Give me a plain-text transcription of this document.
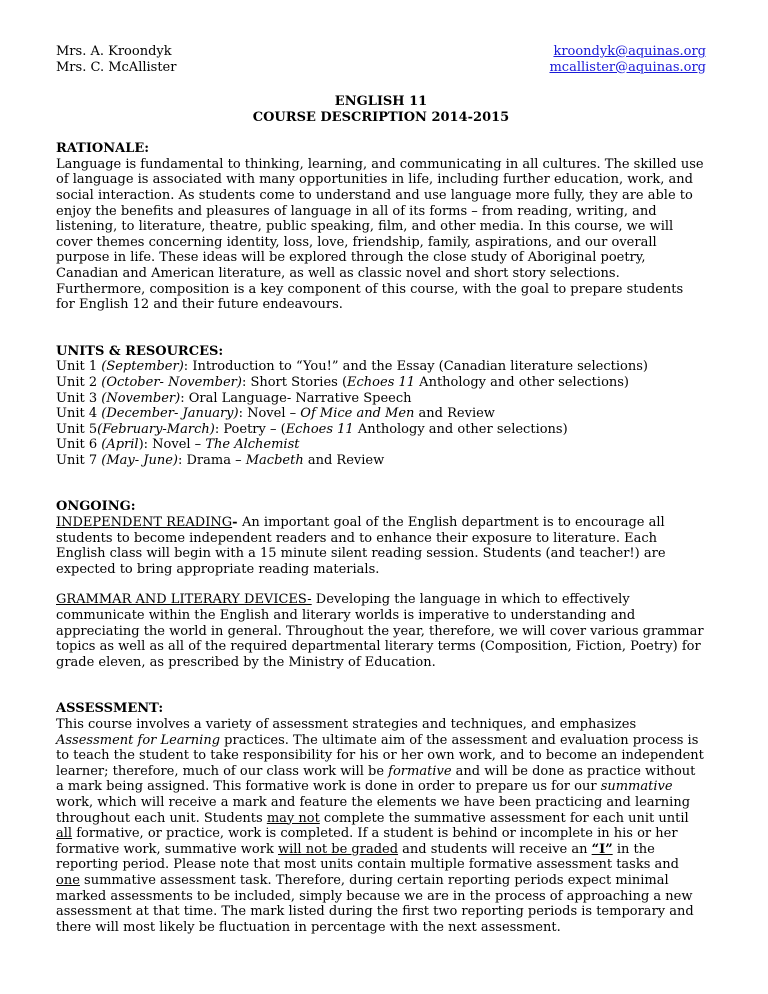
Mrs. A. Kroondyk
Mrs. C. McAllister
kroondyk@aquinas.org
mcallister@aquinas.org
ENGLISH 11
COURSE DESCRIPTION 2014-2015
RATIONALE:

Language is fundamental to thinking, learning, and communicating in all cultures. The skilled use of language is associated with many opportunities in life, including further education, work, and social interaction. As students come to understand and use language more fully, they are able to enjoy the benefits and pleasures of language in all of its forms – from reading, writing, and listening, to literature, theatre, public speaking, film, and other media. In this course, we will cover themes concerning identity, loss, love, friendship, family, aspirations, and our overall purpose in life. These ideas will be explored through the close study of Aboriginal poetry, Canadian and American literature, as well as classic novel and short story selections. Furthermore, composition is a key component of this course, with the goal to prepare students for English 12 and their future endeavours.

UNITS & RESOURCES:
Unit 1 (September): Introduction to “You!” and the Essay (Canadian literature selections)
Unit 2 (October- November): Short Stories (Echoes 11 Anthology and other selections)
Unit 3 (November): Oral Language- Narrative Speech
Unit 4 (December- January): Novel – Of Mice and Men and Review
Unit 5(February-March): Poetry – (Echoes 11 Anthology and other selections)
Unit 6 (April): Novel – The Alchemist
Unit 7 (May- June): Drama – Macbeth and Review
ONGOING:

INDEPENDENT READING- An important goal of the English department is to encourage all students to become independent readers and to enhance their exposure to literature. Each English class will begin with a 15 minute silent reading session. Students (and teacher!) are expected to bring appropriate reading materials.

GRAMMAR AND LITERARY DEVICES- Developing the language in which to effectively communicate within the English and literary worlds is imperative to understanding and appreciating the world in general. Throughout the year, therefore, we will cover various grammar topics as well as all of the required departmental literary terms (Composition, Fiction, Poetry) for grade eleven, as prescribed by the Ministry of Education.

ASSESSMENT:

This course involves a variety of assessment strategies and techniques, and emphasizes Assessment for Learning practices. The ultimate aim of the assessment and evaluation process is to teach the student to take responsibility for his or her own work, and to become an independent learner; therefore, much of our class work will be formative and will be done as practice without a mark being assigned. This formative work is done in order to prepare us for our summative work, which will receive a mark and feature the elements we have been practicing and learning throughout each unit. Students may not complete the summative assessment for each unit until all formative, or practice, work is completed. If a student is behind or incomplete in his or her formative work, summative work will not be graded and students will receive an “I” in the reporting period. Please note that most units contain multiple formative assessment tasks and one summative assessment task. Therefore, during certain reporting periods expect minimal marked assessments to be included, simply because we are in the process of approaching a new assessment at that time. The mark listed during the first two reporting periods is temporary and there will most likely be fluctuation in percentage with the next assessment.
